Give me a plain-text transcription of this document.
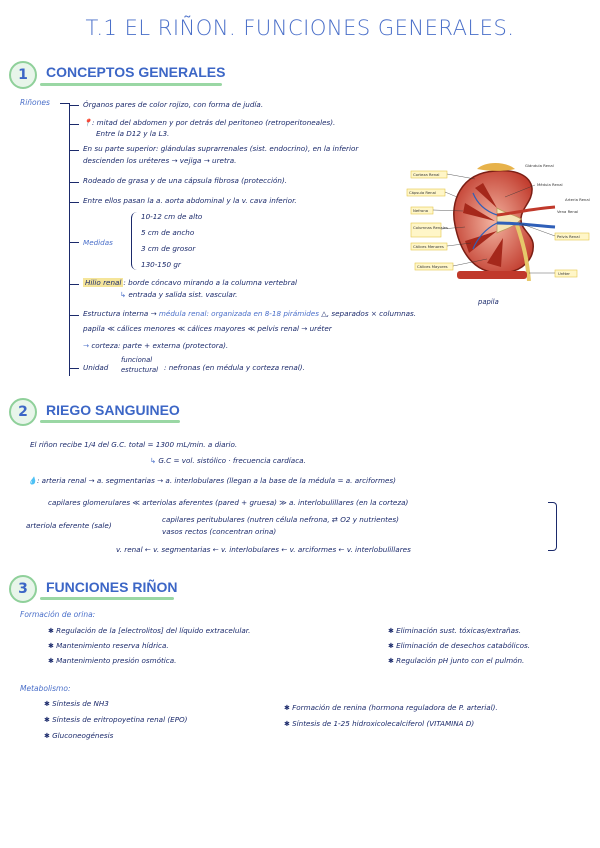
T.1 EL RIÑON. FUNCIONES GENERALES.
1	CONCEPTOS GENERALES
Riñones	Órganos pares de color rojizo, con forma de judía.
📍: mitad del abdomen y por detrás del peritoneo (retroperitoneales).
Entre la D12 y la L3.
En su parte superior: glándulas suprarrenales (sist. endocrino), en la inferior
descienden los uréteres → vejiga → uretra.
Rodeado de grasa y de una cápsula fibrosa (protección).
Entre ellos pasan la a. aorta abdominal y la v. cava inferior.
Medidas
10-12 cm de alto
5 cm de ancho
3 cm de grosor
130-150 gr
Hilio renal : borde cóncavo mirando a la columna vertebral
↳ entrada y salida sist. vascular.
papila
Estructura interna → médula renal: organizada en 8-18 pirámides △, separados × columnas.
papila ≪ cálices menores ≪ cálices mayores ≪ pelvis renal → uréter
→ corteza: parte + externa (protectora).
Unidad
funcional
estructural : nefronas (en médula y corteza renal).
Corteza Renal
Cápsula Renal
Nefrona
Columnas Renales
Cálices Menores
Cálices Mayores
Arteria Renal
Vena Renal
Pelvis Renal
Médula Renal
Uréter
Glándula Renal
2	RIEGO SANGUINEO
El riñon recibe 1/4 del G.C. total = 1300 mL/min. a diario.
↳ G.C = vol. sistólico · frecuencia cardíaca.
💧: arteria renal → a. segmentarias → a. interlobulares (llegan a la base de la médula = a. arciformes)
capilares glomerulares ≪ arteriolas aferentes (pared + gruesa) ≫ a. interlobulillares (en la corteza)
arteriola eferente (sale)
capilares peritubulares (nutren célula nefrona, ⇄ O2 y nutrientes)
vasos rectos (concentran orina)
v. renal ← v. segmentarias ← v. interlobulares ← v. arciformes ← v. interlobulillares
3	FUNCIONES RIÑON
Formación de orina:
✱ Regulación de la [electrolitos] del líquido extracelular.
✱ Mantenimiento reserva hídrica.
✱ Mantenimiento presión osmótica.
✱ Eliminación sust. tóxicas/extrañas.
✱ Eliminación de desechos catabólicos.
✱ Regulación pH junto con el pulmón.
Metabolismo:
✱ Síntesis de NH3
✱ Síntesis de eritropoyetina renal (EPO)
✱ Gluconeogénesis
✱ Formación de renina (hormona reguladora de P. arterial).
✱ Síntesis de 1-25 hidroxicolecalciferol (VITAMINA D)
